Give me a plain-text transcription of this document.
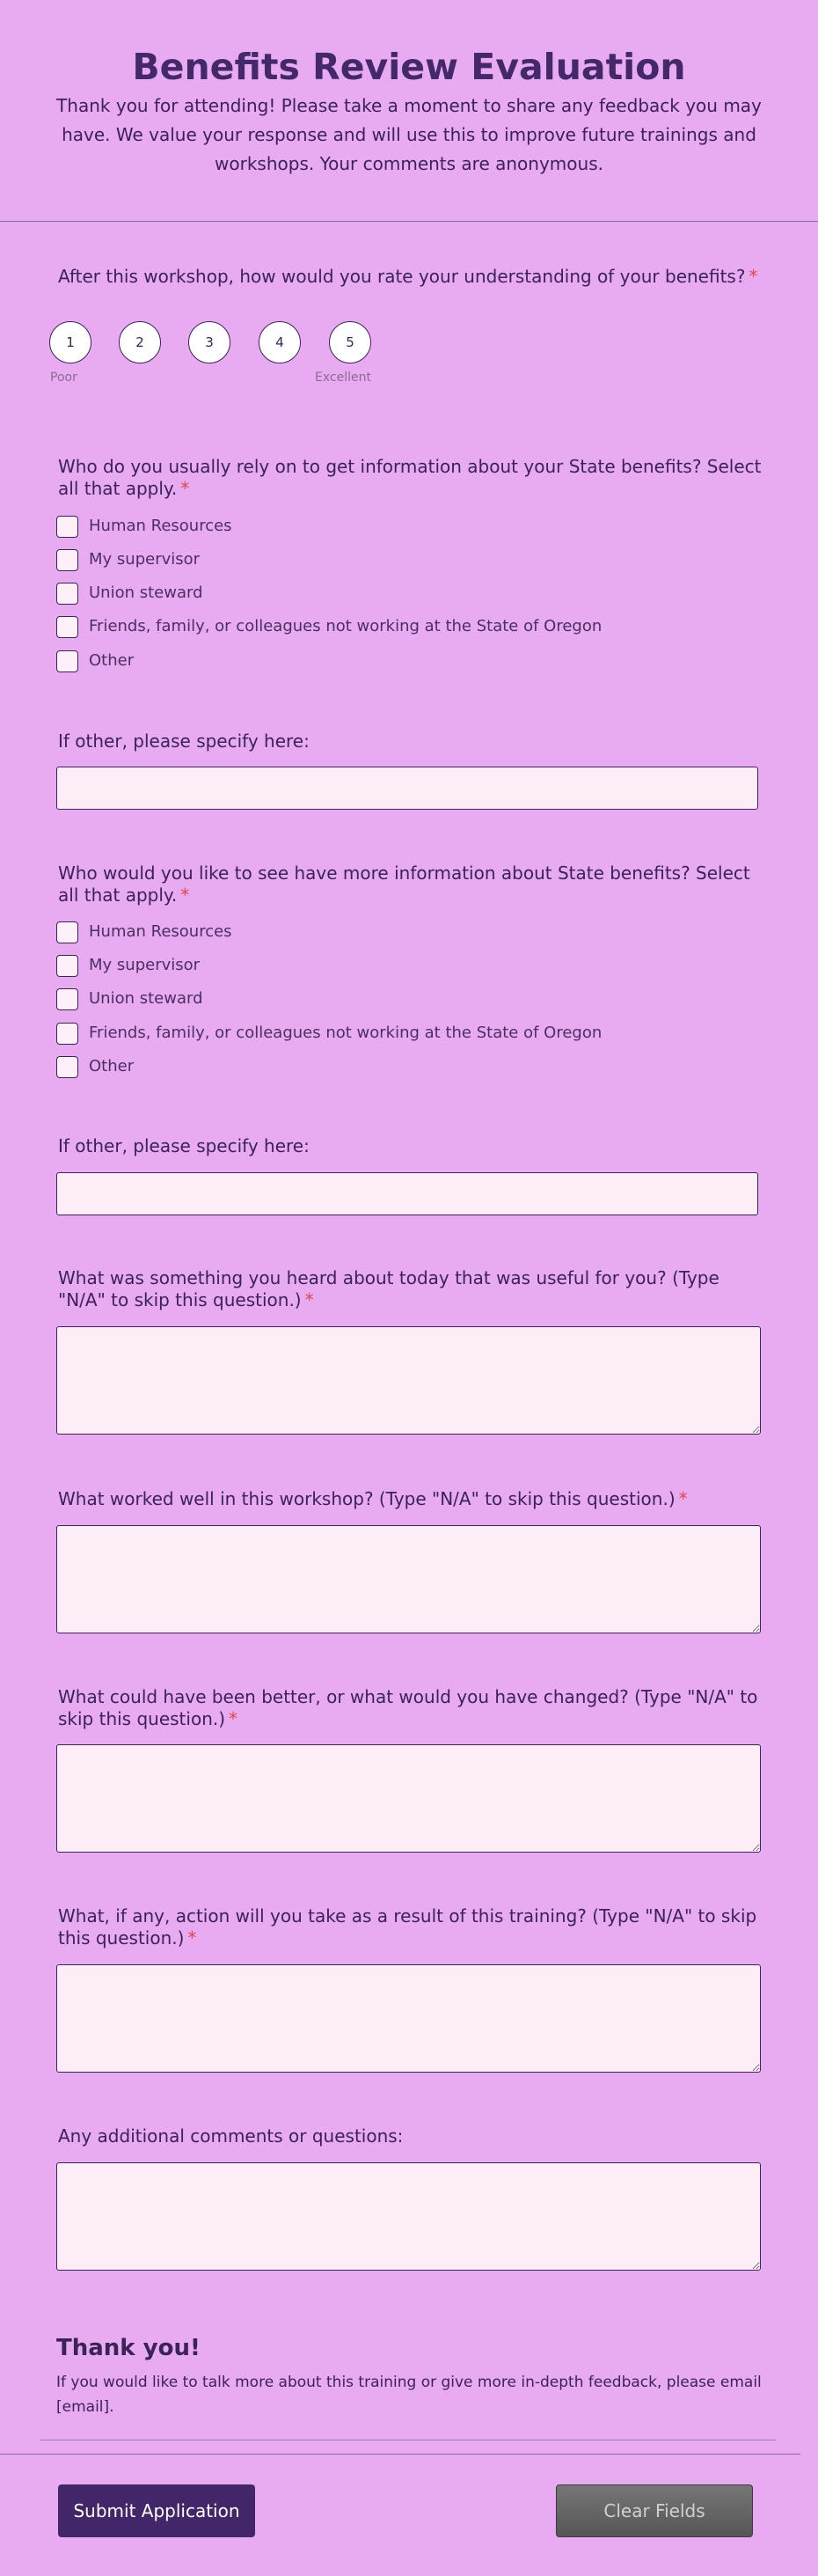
Benefits Review Evaluation
Thank you for attending! Please take a moment to share any feedback you may have. We value your response and will use this to improve future trainings and workshops. Your comments are anonymous.
After this workshop, how would you rate your understanding of your benefits? *
1	2	3	4	5
Poor	Excellent
Who do you usually rely on to get information about your State benefits? Select all that apply. *
Human Resources
My supervisor
Union steward
Friends, family, or colleagues not working at the State of Oregon
Other
If other, please specify here:
Who would you like to see have more information about State benefits? Select all that apply. *
Human Resources
My supervisor
Union steward
Friends, family, or colleagues not working at the State of Oregon
Other
If other, please specify here:
What was something you heard about today that was useful for you? (Type "N/A" to skip this question.) *
What worked well in this workshop? (Type "N/A" to skip this question.) *
What could have been better, or what would you have changed? (Type "N/A" to skip this question.) *
What, if any, action will you take as a result of this training? (Type "N/A" to skip this question.) *
Any additional comments or questions:
Thank you!
If you would like to talk more about this training or give more in-depth feedback, please email [email].
Submit Application	Clear Fields
